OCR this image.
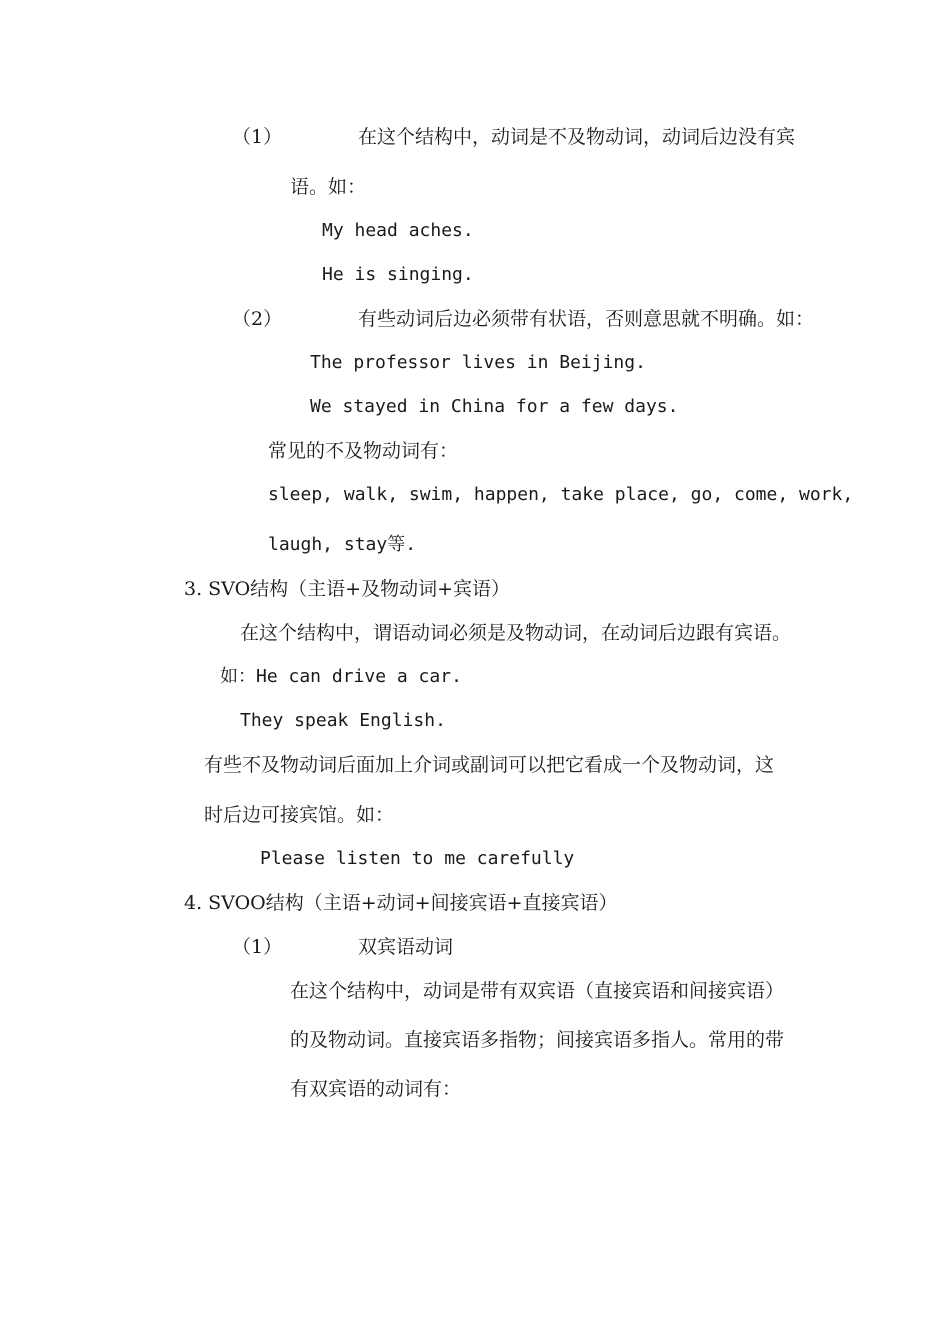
（1）	在这个结构中，动词是不及物动词，动词后边没有宾
语。如：
My head aches.
He is singing.
（2）	有些动词后边必须带有状语，否则意思就不明确。如：
The professor lives in Beijing.
We stayed in China for a few days.
常见的不及物动词有：
sleep, walk, swim, happen, take place, go, come, work,
laugh, stay等.
3. SVO结构（主语+及物动词+宾语）
在这个结构中，谓语动词必须是及物动词，在动词后边跟有宾语。
如：He can drive a car.
They speak English.
有些不及物动词后面加上介词或副词可以把它看成一个及物动词，这
时后边可接宾馆。如：
Please listen to me carefully
4. SVOO结构（主语+动词+间接宾语+直接宾语）
（1）	双宾语动词
在这个结构中，动词是带有双宾语（直接宾语和间接宾语）
的及物动词。直接宾语多指物；间接宾语多指人。常用的带
有双宾语的动词有：
